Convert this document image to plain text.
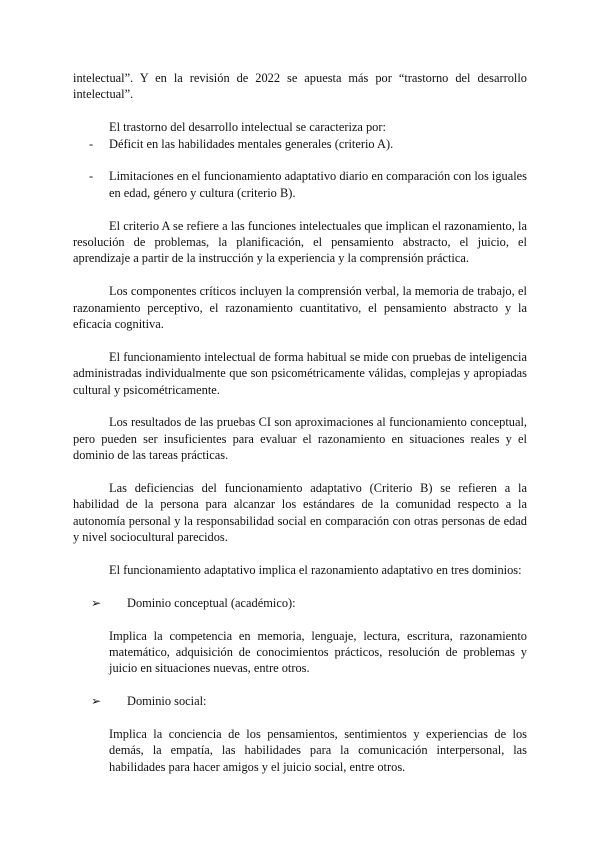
intelectual”. Y en la revisión de 2022 se apuesta más por “trastorno del desarrollo intelectual”.

El trastorno del desarrollo intelectual se caracteriza por:

- Déficit en las habilidades mentales generales (criterio A).
- Limitaciones en el funcionamiento adaptativo diario en comparación con los iguales en edad, género y cultura (criterio B).

El criterio A se refiere a las funciones intelectuales que implican el razonamiento, la resolución de problemas, la planificación, el pensamiento abstracto, el juicio, el aprendizaje a partir de la instrucción y la experiencia y la comprensión práctica.

Los componentes críticos incluyen la comprensión verbal, la memoria de trabajo, el razonamiento perceptivo, el razonamiento cuantitativo, el pensamiento abstracto y la eficacia cognitiva.

El funcionamiento intelectual de forma habitual se mide con pruebas de inteligencia administradas individualmente que son psicométricamente válidas, complejas y apropiadas cultural y psicométricamente.

Los resultados de las pruebas CI son aproximaciones al funcionamiento conceptual, pero pueden ser insuficientes para evaluar el razonamiento en situaciones reales y el dominio de las tareas prácticas.

Las deficiencias del funcionamiento adaptativo (Criterio B) se refieren a la habilidad de la persona para alcanzar los estándares de la comunidad respecto a la autonomía personal y la responsabilidad social en comparación con otras personas de edad y nivel sociocultural parecidos.

El funcionamiento adaptativo implica el razonamiento adaptativo en tres dominios:

➢ Dominio conceptual (académico):

Implica la competencia en memoria, lenguaje, lectura, escritura, razonamiento matemático, adquisición de conocimientos prácticos, resolución de problemas y juicio en situaciones nuevas, entre otros.

➢ Dominio social:

Implica la conciencia de los pensamientos, sentimientos y experiencias de los demás, la empatía, las habilidades para la comunicación interpersonal, las habilidades para hacer amigos y el juicio social, entre otros.
